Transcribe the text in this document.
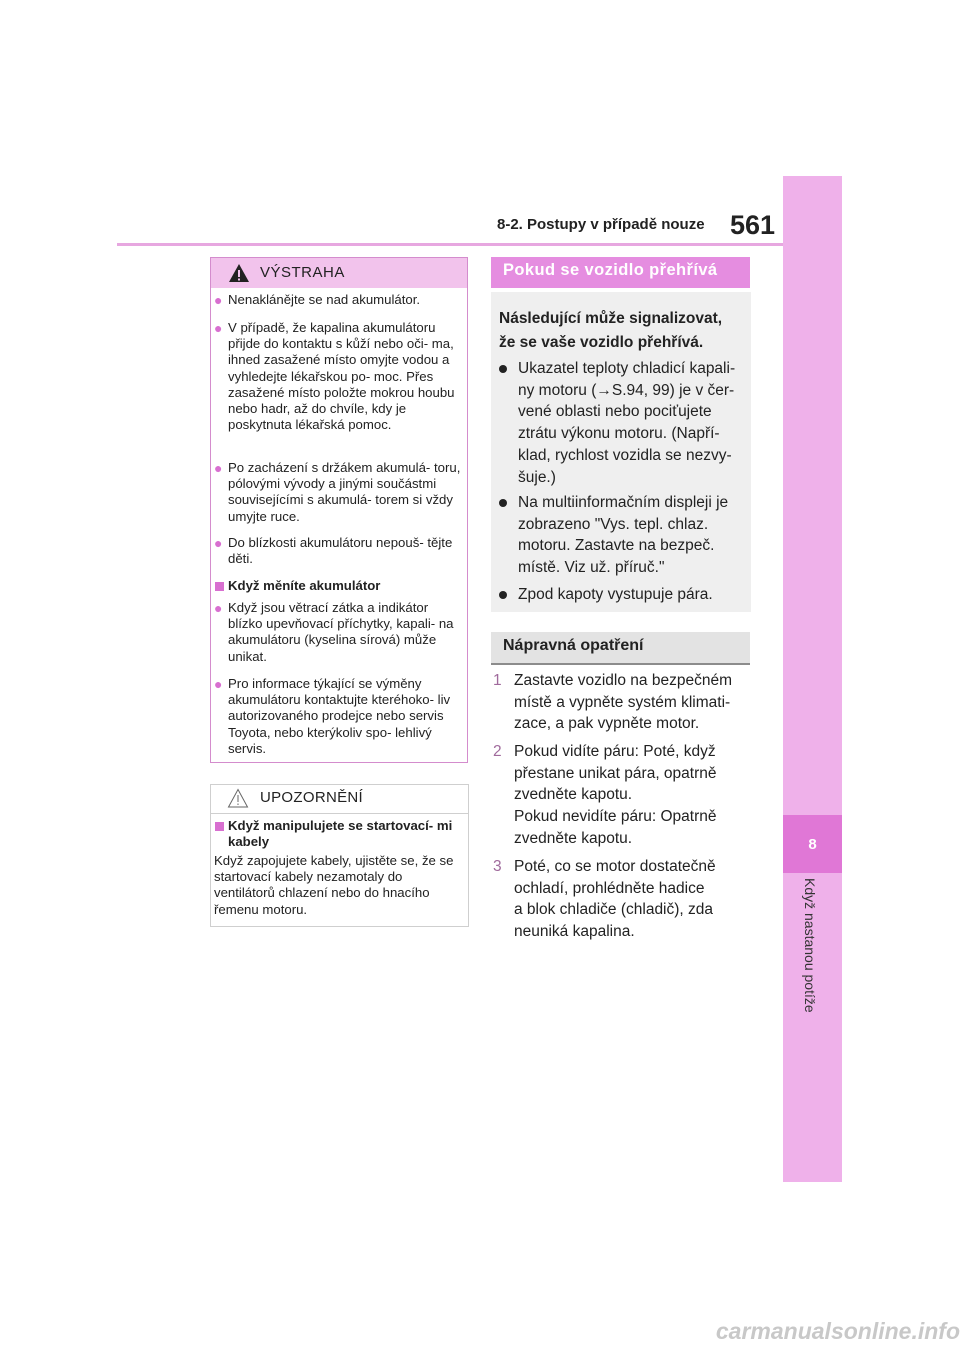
8
Když nastanou potíže
8-2. Postupy v případě nouze 561
VÝSTRAHA
● Nenaklánějte se nad akumulátor.
● V případě, že kapalina akumulátoru přijde do kontaktu s kůží nebo oči- ma, ihned zasažené místo omyjte vodou a vyhledejte lékařskou po- moc. Přes zasažené místo položte mokrou houbu nebo hadr, až do chvíle, kdy je poskytnuta lékařská pomoc.
● Po zacházení s držákem akumulá- toru, pólovými vývody a jinými součástmi souvisejícími s akumulá- torem si vždy umyjte ruce.
● Do blízkosti akumulátoru nepouš- tějte děti.
Když měníte akumulátor
● Když jsou větrací zátka a indikátor blízko upevňovací příchytky, kapali- na akumulátoru (kyselina sírová) může unikat.
● Pro informace týkající se výměny akumulátoru kontaktujte kteréhoko- liv autorizovaného prodejce nebo servis Toyota, nebo kterýkoliv spo- lehlivý servis.
UPOZORNĚNÍ
Když manipulujete se startovací- mi kabely
Když zapojujete kabely, ujistěte se, že se startovací kabely nezamotaly do ventilátorů chlazení nebo do hnacího řemenu motoru.
Pokud se vozidlo přehřívá
Následující může signalizovat,
že se vaše vozidlo přehřívá.
Ukazatel teploty chladicí kapali-
ny motoru (→S.94, 99) je v čer-
vené oblasti nebo pociťujete
ztrátu výkonu motoru. (Napří-
klad, rychlost vozidla se nezvy-
šuje.)
Na multiinformačním displeji je
zobrazeno "Vys. tepl. chlaz.
motoru. Zastavte na bezpeč.
místě. Viz už. příruč."
Zpod kapoty vystupuje pára.
Nápravná opatření
1 Zastavte vozidlo na bezpečném
místě a vypněte systém klimati-
zace, a pak vypněte motor.
2 Pokud vidíte páru: Poté, když
přestane unikat pára, opatrně
zvedněte kapotu.
Pokud nevidíte páru: Opatrně
zvedněte kapotu.
3 Poté, co se motor dostatečně
ochladí, prohlédněte hadice
a blok chladiče (chladič), zda
neuniká kapalina.
carmanualsonline.info
